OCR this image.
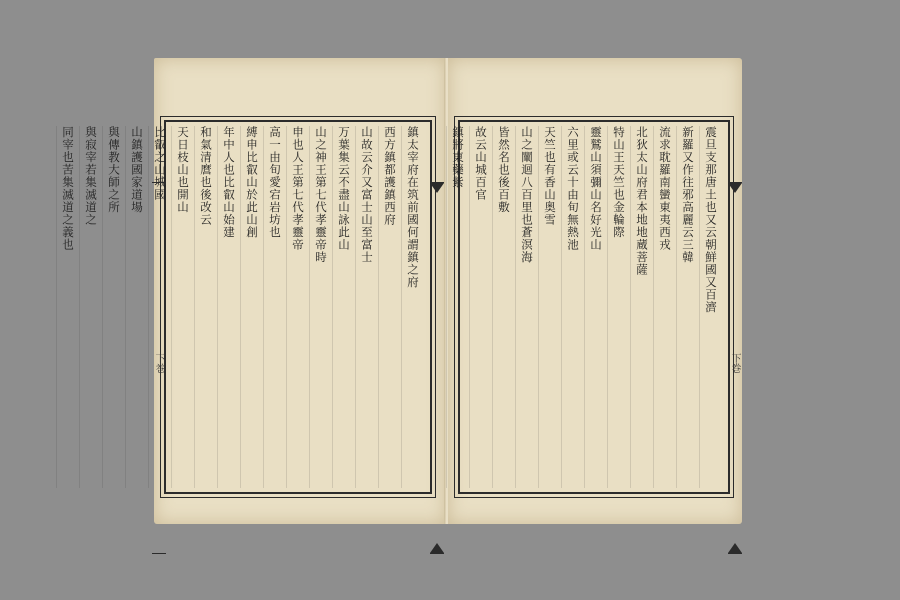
鎮太宰府在筑前國何謂鎮之府
西方鎮都護鎮西府
山故云介又富士山至富士
万葉集云不盡山詠此山
山之神王第七代孝靈帝時
申也人王第七代孝靈帝
高一由旬愛宕岩坊也
縛申比叡山於此山創
年中人也比叡山始建
和氣清麿也後改云
天日枝山也開山
比叡之山城國
山鎮護國家道場
與傳教大師之所
與寂宰若集滅道之
同宰也苦集滅道之義也
下巻
震旦支那唐土也又云朝鮮國又百濟
新羅又作往邪高麗云三韓
流求耽羅南蠻東夷西戎
北狄太山府君本地地蔵菩薩
特山王天竺也金輪際
靈鷲山須彌山名好光山
六里或云十由旬無熱池
天竺也有香山奥雪
山之闡迴八百里也蒼溟海
皆然名也後百敷
故云山城百官
鎮將東藥紫
下巻
